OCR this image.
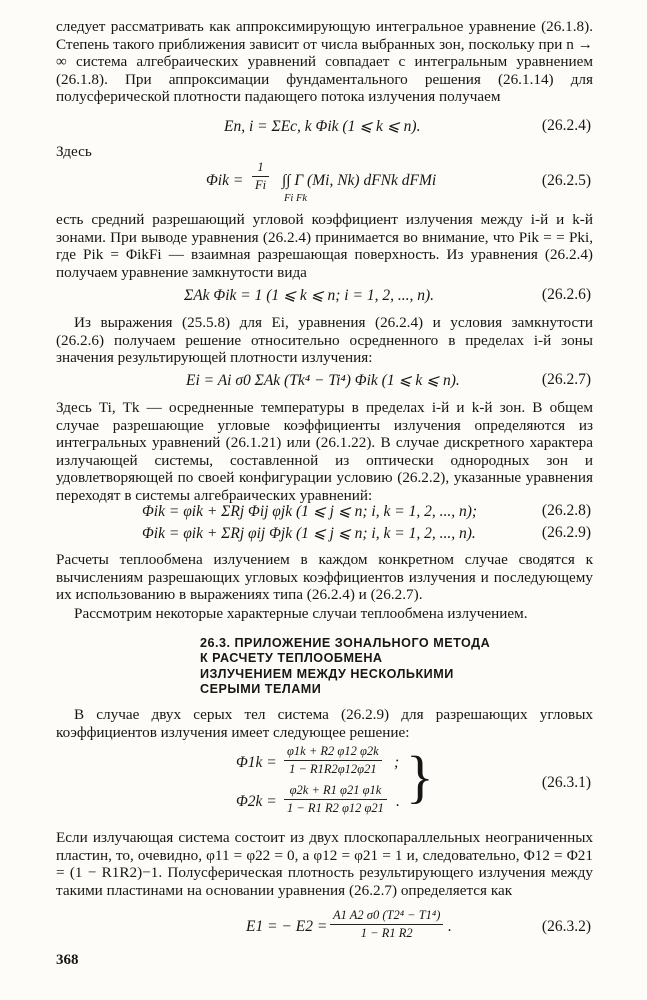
следует рассматривать как аппроксимирующую интегральное уравнение (26.1.8). Степень такого приближения зависит от числа выбранных зон, поскольку при n → ∞ система алгебраических уравнений совпадает с интегральным уравнением (26.1.8). При аппроксимации фундаментального решения (26.1.14) для полусферической плотности падающего потока излучения получаем

Eп, i = ΣEс, k Φik (1 ⩽ k ⩽ n).	(26.2.4)

Здесь

$\Phi ik = \frac{1}{Fi}$ ∫∫ Γ (Mi, Nk) dFNk dFMi
Fi Fk
(26.2.5)

есть средний разрешающий угловой коэффициент излучения между i-й и k-й зонами. При выводе уравнения (26.2.4) принимается во внимание, что Pik = = Pki, где Pik = ΦikFi — взаимная разрешающая поверхность. Из уравнения (26.2.4) получаем уравнение замкнутости вида

ΣAk Φik = 1 (1 ⩽ k ⩽ n; i = 1, 2, ..., n).	(26.2.6)

Из выражения (25.5.8) для Ei, уравнения (26.2.4) и условия замкнутости (26.2.6) получаем решение относительно осредненного в пределах i-й зоны значения результирующей плотности излучения:

Ei = Ai σ0 ΣAk (Tk⁴ − Ti⁴) Φik (1 ⩽ k ⩽ n).	(26.2.7)

Здесь Ti, Tk — осредненные температуры в пределах i-й и k-й зон. В общем случае разрешающие угловые коэффициенты излучения определяются из интегральных уравнений (26.1.21) или (26.1.22). В случае дискретного характера излучающей системы, составленной из оптически однородных зон и удовлетворяющей по своей конфигурации условию (26.2.2), указанные уравнения переходят в системы алгебраических уравнений:

Φik = φik + ΣRj Φij φjk (1 ⩽ j ⩽ n; i, k = 1, 2, ..., n);	(26.2.8)
Φik = φik + ΣRj φij Φjk (1 ⩽ j ⩽ n; i, k = 1, 2, ..., n).	(26.2.9)

Расчеты теплообмена излучением в каждом конкретном случае сводятся к вычислениям разрешающих угловых коэффициентов излучения и последующему их использованию в выражениях типа (26.2.4) и (26.2.7).

Рассмотрим некоторые характерные случаи теплообмена излучением.

26.3. ПРИЛОЖЕНИЕ ЗОНАЛЬНОГО МЕТОДА
К РАСЧЕТУ ТЕПЛООБМЕНА
ИЗЛУЧЕНИЕМ МЕЖДУ НЕСКОЛЬКИМИ
СЕРЫМИ ТЕЛАМИ

В случае двух серых тел система (26.2.9) для разрешающих угловых коэффициентов излучения имеет следующее решение:

$\Phi 1k = \frac{\varphi 1k + R2 \varphi 12 \varphi 2k}{1 - R1R2\varphi 12\varphi 21}$ ;
$\Phi 2k = \frac{\varphi 2k + R1 \varphi 21 \varphi 1k}{1 - R1 R2 \varphi 12 \varphi 21}$ . }	(26.3.1)

Если излучающая система состоит из двух плоскопараллельных неограниченных пластин, то, очевидно, φ11 = φ22 = 0, а φ12 = φ21 = 1 и, следовательно, Φ12 = Φ21 = (1 − R1R2)−1. Полусферическая плотность результирующего излучения между такими пластинами на основании уравнения (26.2.7) определяется как

E1 = − $E2 = \frac{\text{A1 A2 σ0 (T2⁴ − T1⁴)}}{1 - R1 R2}$ .	(26.3.2)
368
